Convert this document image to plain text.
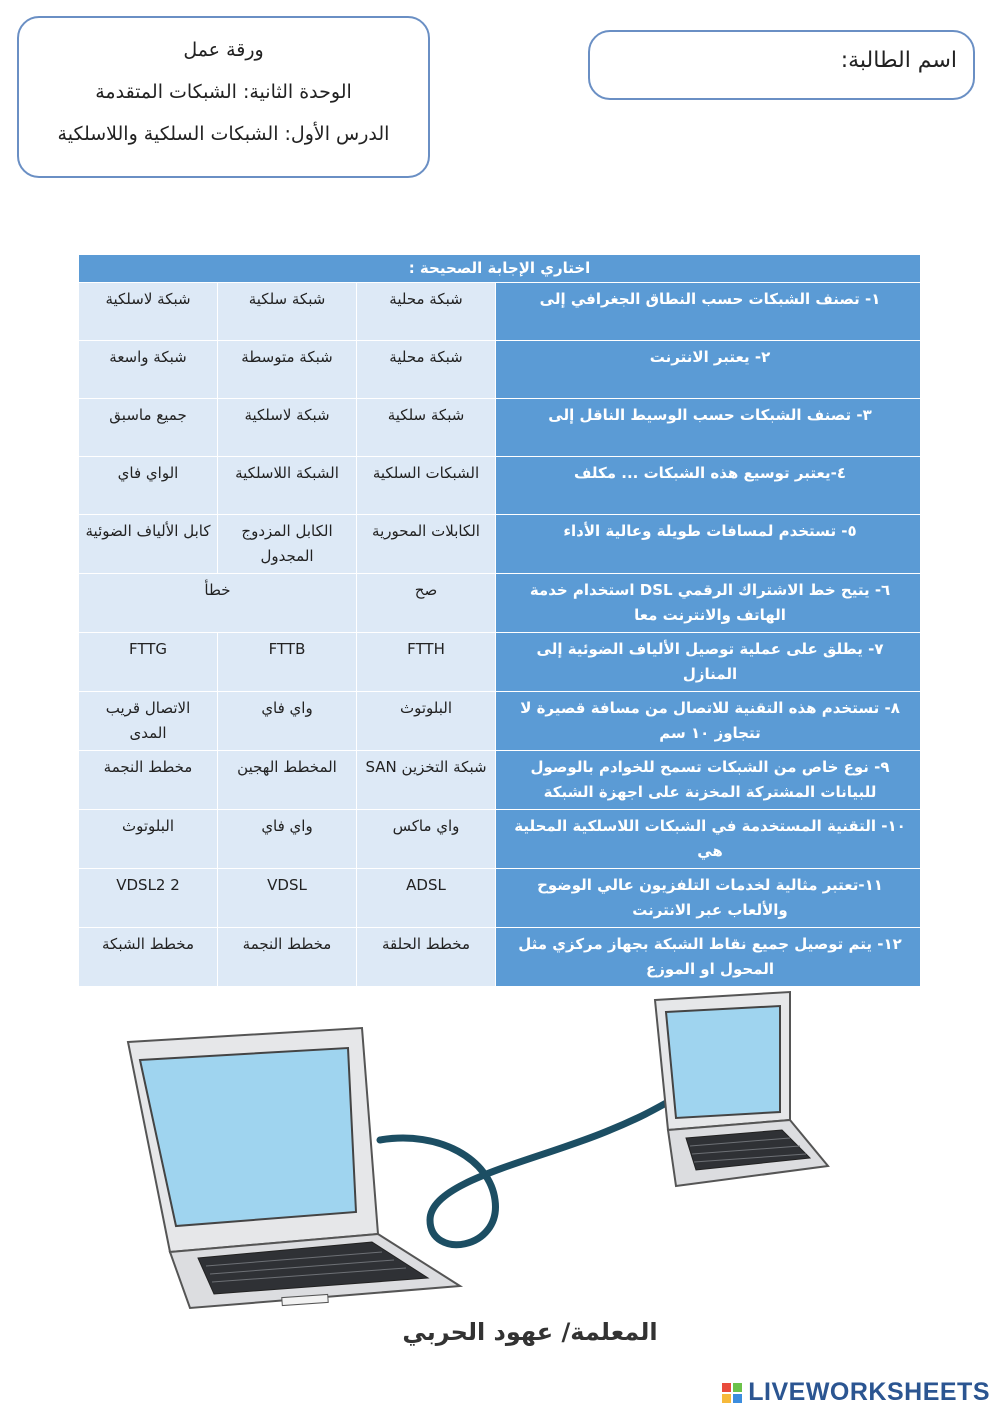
ورقة عمل
الوحدة الثانية: الشبكات المتقدمة
الدرس الأول: الشبكات السلكية واللاسلكية
اسم الطالبة:
اختاري الإجابة الصحيحة :			
١- تصنف الشبكات حسب النطاق الجغرافي إلى	شبكة محلية	شبكة سلكية	شبكة لاسلكية
٢- يعتبر الانترنت	شبكة محلية	شبكة متوسطة	شبكة واسعة
٣- تصنف الشبكات حسب الوسيط الناقل إلى	شبكة سلكية	شبكة لاسلكية	جميع ماسبق
٤-يعتبر توسيع هذه الشبكات ... مكلف	الشبكات السلكية	الشبكة اللاسلكية	الواي فاي
٥- تستخدم لمسافات طويلة وعالية الأداء	الكابلات المحورية	الكابل المزدوج المجدول	كابل الألياف الضوئية
٦- يتيح خط الاشتراك الرقمي DSL استخدام خدمة الهاتف والانترنت معا	صح	خطأ	
٧- يطلق على عملية توصيل الألياف الضوئية إلى المنازل	FTTH	FTTB	FTTG
٨- تستخدم هذه التقنية للاتصال من مسافة قصيرة لا تتجاوز ١٠ سم	البلوتوث	واي فاي	الاتصال قريب المدى
٩- نوع خاص من الشبكات تسمح للخوادم بالوصول للبيانات المشتركة المخزنة على اجهزة الشبكة	شبكة التخزين SAN	المخطط الهجين	مخطط النجمة
١٠- التقنية المستخدمة في الشبكات اللاسلكية المحلية هي	واي ماكس	واي فاي	البلوتوث
١١-تعتبر مثالية لخدمات التلفزيون عالي الوضوح والألعاب عبر الانترنت	ADSL	VDSL	VDSL2 2
١٢- يتم توصيل جميع نقاط الشبكة بجهاز مركزي مثل المحول او الموزع	مخطط الحلقة	مخطط النجمة	مخطط الشبكة
المعلمة/ عهود الحربي
LIVEWORKSHEETS
